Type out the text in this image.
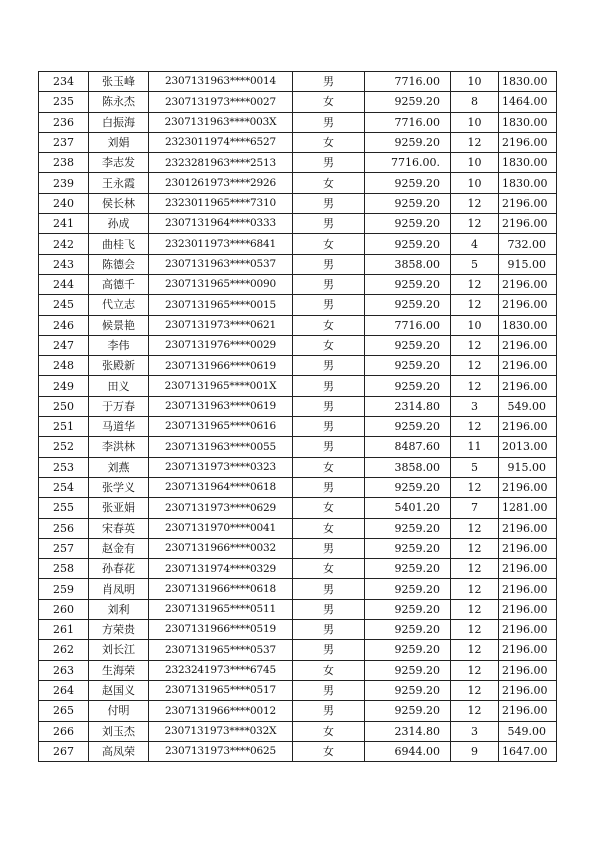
234	张玉峰	2307131963****0014	男	7716.00	10	1830.00
235	陈永杰	2307131973****0027	女	9259.20	8	1464.00
236	白振海	2307131963****003X	男	7716.00	10	1830.00
237	刘娟	2323011974****6527	女	9259.20	12	2196.00
238	李志发	2323281963****2513	男	7716.00.	10	1830.00
239	王永霞	2301261973****2926	女	9259.20	10	1830.00
240	侯长林	2323011965****7310	男	9259.20	12	2196.00
241	孙成	2307131964****0333	男	9259.20	12	2196.00
242	曲桂飞	2323011973****6841	女	9259.20	4	732.00
243	陈德会	2307131963****0537	男	3858.00	5	915.00
244	高德千	2307131965****0090	男	9259.20	12	2196.00
245	代立志	2307131965****0015	男	9259.20	12	2196.00
246	候景艳	2307131973****0621	女	7716.00	10	1830.00
247	李伟	2307131976****0029	女	9259.20	12	2196.00
248	张殿新	2307131966****0619	男	9259.20	12	2196.00
249	田义	2307131965****001X	男	9259.20	12	2196.00
250	于万春	2307131963****0619	男	2314.80	3	549.00
251	马道华	2307131965****0616	男	9259.20	12	2196.00
252	李洪林	2307131963****0055	男	8487.60	11	2013.00
253	刘燕	2307131973****0323	女	3858.00	5	915.00
254	张学义	2307131964****0618	男	9259.20	12	2196.00
255	张亚娟	2307131973****0629	女	5401.20	7	1281.00
256	宋春英	2307131970****0041	女	9259.20	12	2196.00
257	赵金有	2307131966****0032	男	9259.20	12	2196.00
258	孙春花	2307131974****0329	女	9259.20	12	2196.00
259	肖凤明	2307131966****0618	男	9259.20	12	2196.00
260	刘利	2307131965****0511	男	9259.20	12	2196.00
261	方荣贵	2307131966****0519	男	9259.20	12	2196.00
262	刘长江	2307131965****0537	男	9259.20	12	2196.00
263	生海荣	2323241973****6745	女	9259.20	12	2196.00
264	赵国义	2307131965****0517	男	9259.20	12	2196.00
265	付明	2307131966****0012	男	9259.20	12	2196.00
266	刘玉杰	2307131973****032X	女	2314.80	3	549.00
267	高凤荣	2307131973****0625	女	6944.00	9	1647.00
